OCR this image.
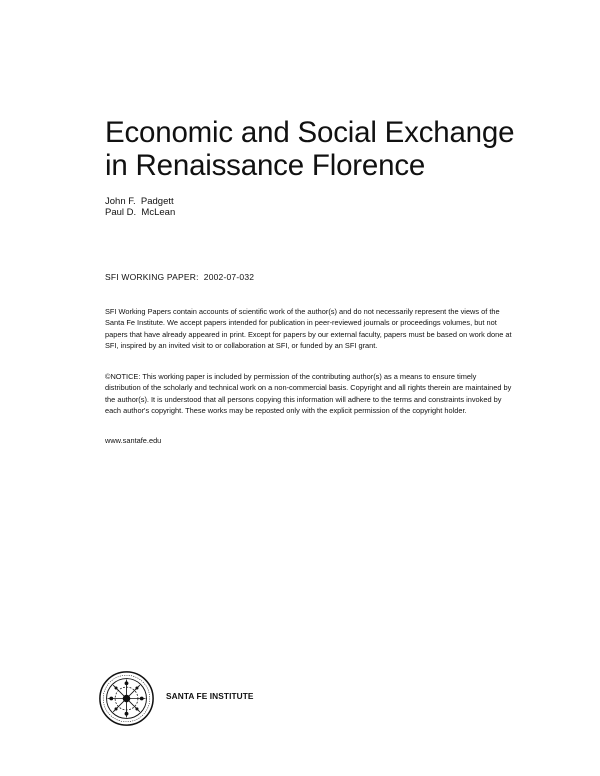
Economic and Social Exchange
in Renaissance Florence
John F.  Padgett
Paul D.  McLean
SFI WORKING PAPER:  2002-07-032

SFI Working Papers contain accounts of scientific work of the author(s) and do not necessarily represent the views of the Santa Fe Institute. We accept papers intended for publication in peer-reviewed journals or proceedings volumes, but not papers that have already appeared in print. Except for papers by our external faculty, papers must be based on work done at SFI, inspired by an invited visit to or collaboration at SFI, or funded by an SFI grant.

©NOTICE: This working paper is included by permission of the contributing author(s) as a means to ensure timely distribution of the scholarly and technical work on a non-commercial basis. Copyright and all rights therein are maintained by the author(s). It is understood that all persons copying this information will adhere to the terms and constraints invoked by each author's copyright. These works may be reposted only with the explicit permission of the copyright holder.

www.santafe.edu
SANTA FE INSTITUTE
